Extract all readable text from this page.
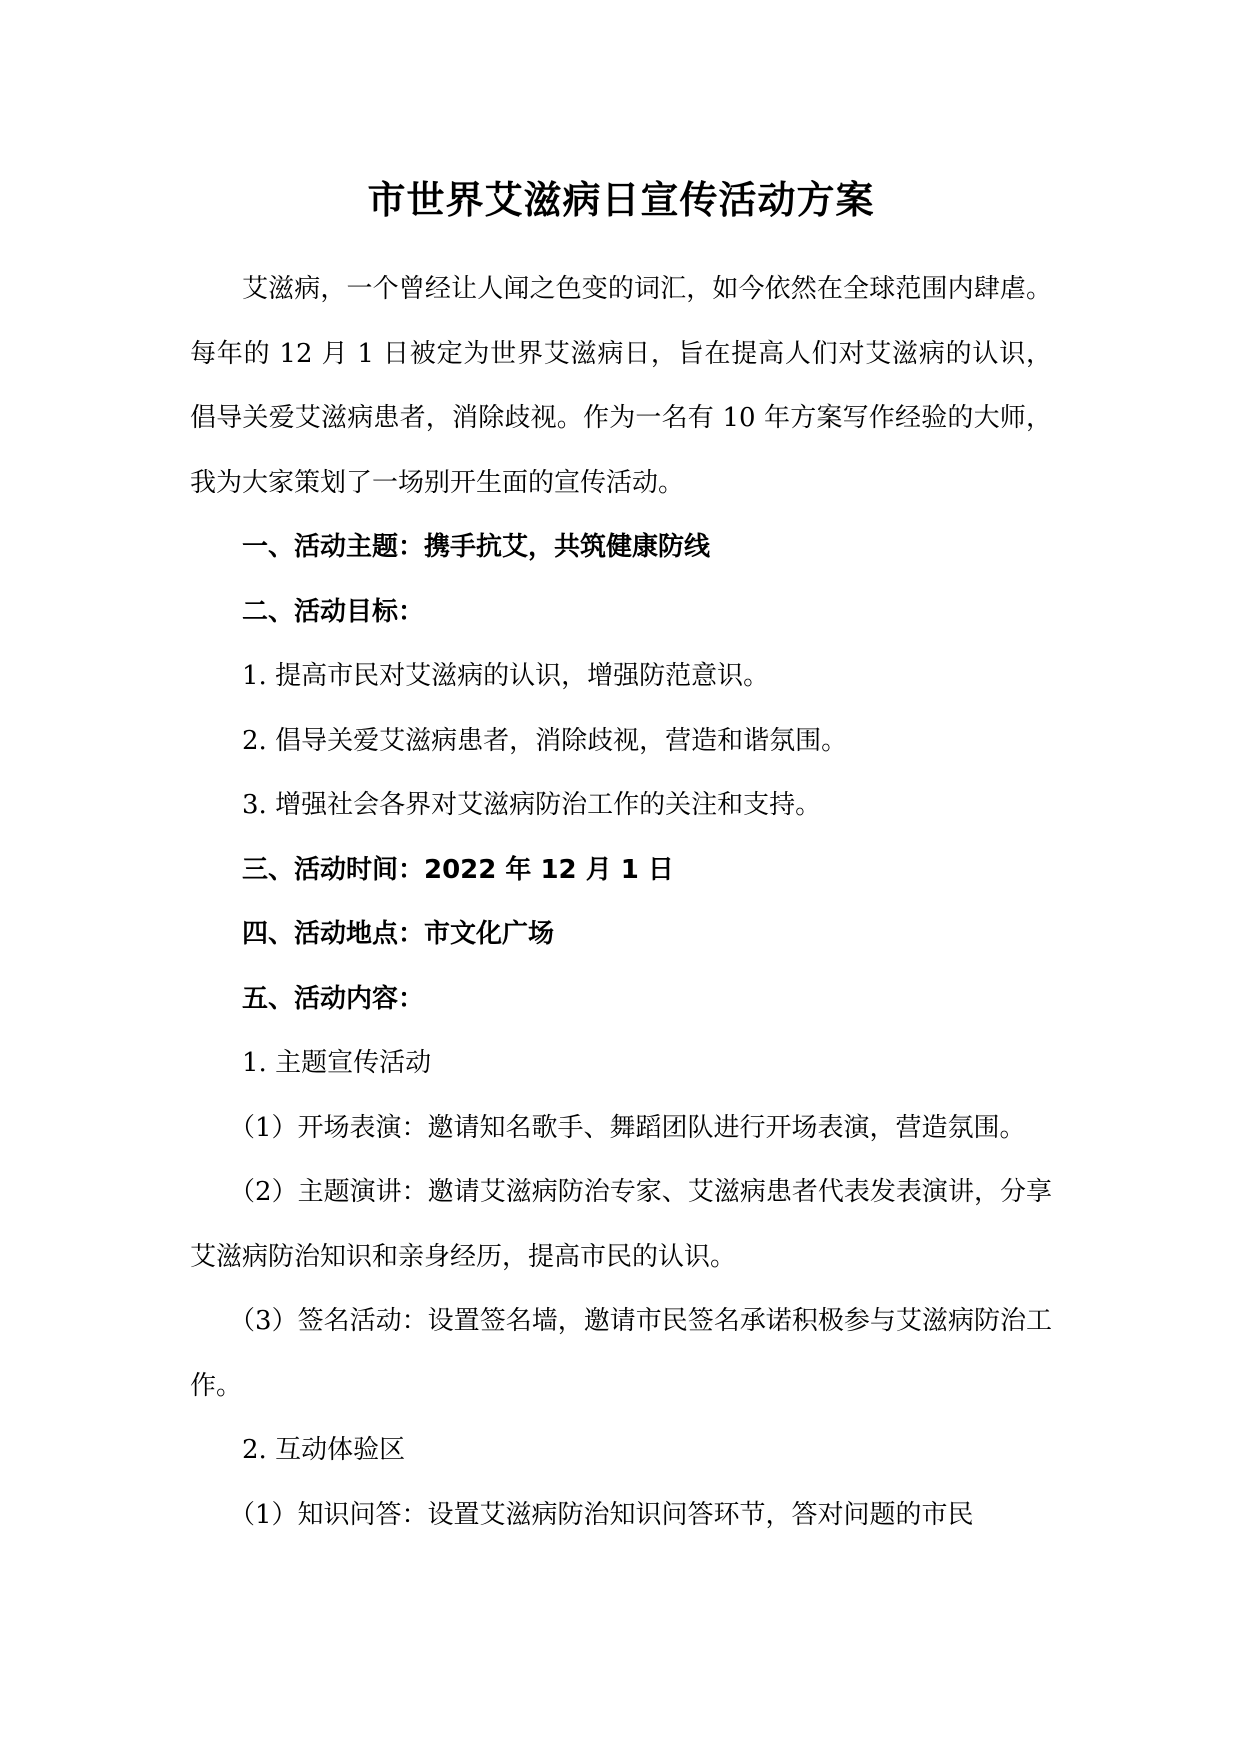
市世界艾滋病日宣传活动方案

艾滋病，一个曾经让人闻之色变的词汇，如今依然在全球范围内肆虐。每年的 12 月 1 日被定为世界艾滋病日，旨在提高人们对艾滋病的认识，倡导关爱艾滋病患者，消除歧视。作为一名有 10 年方案写作经验的大师，我为大家策划了一场别开生面的宣传活动。

一、活动主题：携手抗艾，共筑健康防线

二、活动目标：

1. 提高市民对艾滋病的认识，增强防范意识。

2. 倡导关爱艾滋病患者，消除歧视，营造和谐氛围。

3. 增强社会各界对艾滋病防治工作的关注和支持。

三、活动时间：2022 年 12 月 1 日

四、活动地点：市文化广场

五、活动内容：

1. 主题宣传活动

（1）开场表演：邀请知名歌手、舞蹈团队进行开场表演，营造氛围。

（2）主题演讲：邀请艾滋病防治专家、艾滋病患者代表发表演讲，分享艾滋病防治知识和亲身经历，提高市民的认识。

（3）签名活动：设置签名墙，邀请市民签名承诺积极参与艾滋病防治工作。

2. 互动体验区

（1）知识问答：设置艾滋病防治知识问答环节，答对问题的市民
